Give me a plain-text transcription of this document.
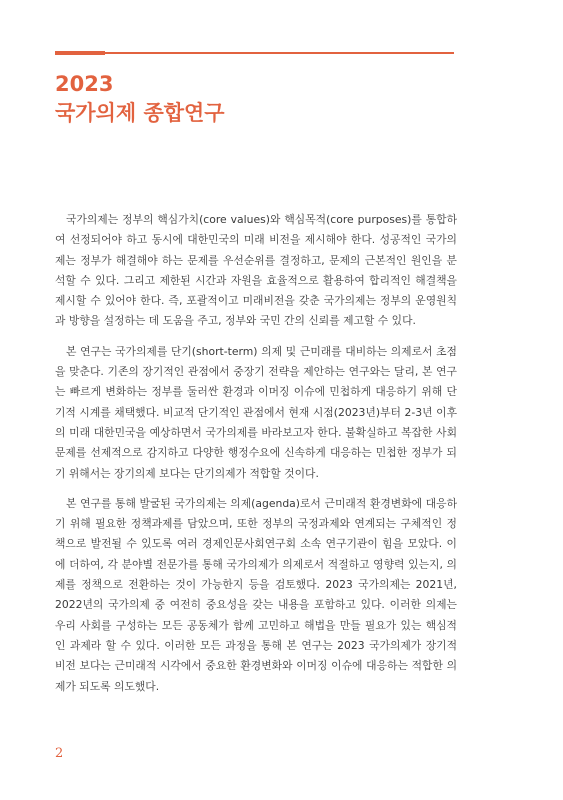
2023
국가의제 종합연구

국가의제는 정부의 핵심가치(core values)와 핵심목적(core purposes)를 통합하여 선정되어야 하고 동시에 대한민국의 미래 비전을 제시해야 한다. 성공적인 국가의제는 정부가 해결해야 하는 문제를 우선순위를 결정하고, 문제의 근본적인 원인을 분석할 수 있다. 그리고 제한된 시간과 자원을 효율적으로 활용하여 합리적인 해결책을 제시할 수 있어야 한다. 즉, 포괄적이고 미래비전을 갖춘 국가의제는 정부의 운영원칙과 방향을 설정하는 데 도움을 주고, 정부와 국민 간의 신뢰를 제고할 수 있다.

본 연구는 국가의제를 단기(short-term) 의제 및 근미래를 대비하는 의제로서 초점을 맞춘다. 기존의 장기적인 관점에서 중장기 전략을 제안하는 연구와는 달리, 본 연구는 빠르게 변화하는 정부를 둘러싼 환경과 이머징 이슈에 민첩하게 대응하기 위해 단기적 시계를 채택했다. 비교적 단기적인 관점에서 현재 시점(2023년)부터 2-3년 이후의 미래 대한민국을 예상하면서 국가의제를 바라보고자 한다. 불확실하고 복잡한 사회문제를 선제적으로 감지하고 다양한 행정수요에 신속하게 대응하는 민첩한 정부가 되기 위해서는 장기의제 보다는 단기의제가 적합할 것이다.

본 연구를 통해 발굴된 국가의제는 의제(agenda)로서 근미래적 환경변화에 대응하기 위해 필요한 정책과제를 담았으며, 또한 정부의 국정과제와 연계되는 구체적인 정책으로 발전될 수 있도록 여러 경제인문사회연구회 소속 연구기관이 힘을 모았다. 이에 더하여, 각 분야별 전문가를 통해 국가의제가 의제로서 적절하고 영향력 있는지, 의제를 정책으로 전환하는 것이 가능한지 등을 검토했다. 2023 국가의제는 2021년, 2022년의 국가의제 중 여전히 중요성을 갖는 내용을 포함하고 있다. 이러한 의제는 우리 사회를 구성하는 모든 공동체가 함께 고민하고 해법을 만들 필요가 있는 핵심적인 과제라 할 수 있다. 이러한 모든 과정을 통해 본 연구는 2023 국가의제가 장기적 비전 보다는 근미래적 시각에서 중요한 환경변화와 이머징 이슈에 대응하는 적합한 의제가 되도록 의도했다.

2
